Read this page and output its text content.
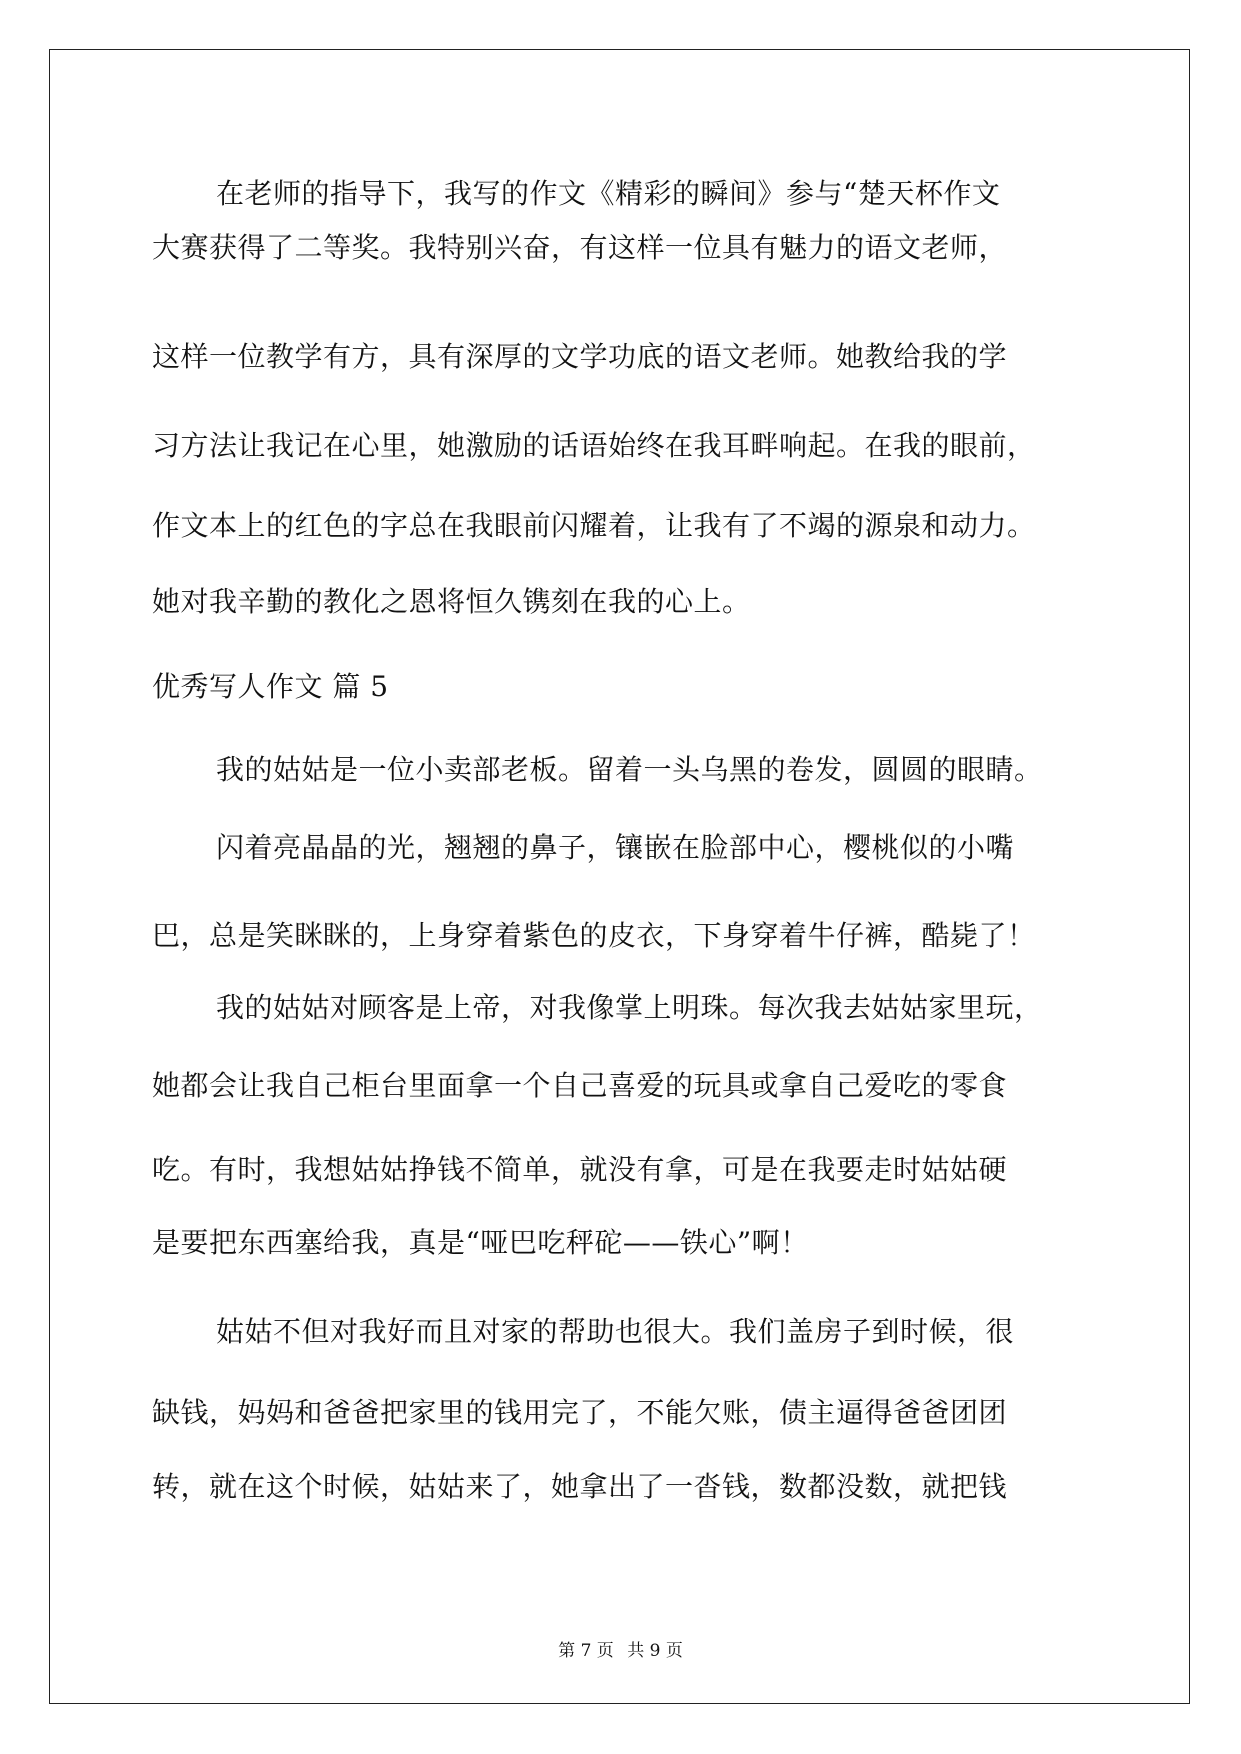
在老师的指导下，我写的作文《精彩的瞬间》参与“楚天杯作文
大赛获得了二等奖。我特别兴奋，有这样一位具有魅力的语文老师，
这样一位教学有方，具有深厚的文学功底的语文老师。她教给我的学
习方法让我记在心里，她激励的话语始终在我耳畔响起。在我的眼前，
作文本上的红色的字总在我眼前闪耀着，让我有了不竭的源泉和动力。
她对我辛勤的教化之恩将恒久镌刻在我的心上。
优秀写人作文 篇 5
我的姑姑是一位小卖部老板。留着一头乌黑的卷发，圆圆的眼睛。
闪着亮晶晶的光，翘翘的鼻子，镶嵌在脸部中心，樱桃似的小嘴
巴，总是笑眯眯的，上身穿着紫色的皮衣，下身穿着牛仔裤，酷毙了！
我的姑姑对顾客是上帝，对我像掌上明珠。每次我去姑姑家里玩，
她都会让我自己柜台里面拿一个自己喜爱的玩具或拿自己爱吃的零食
吃。有时，我想姑姑挣钱不简单，就没有拿，可是在我要走时姑姑硬
是要把东西塞给我，真是“哑巴吃秤砣——铁心”啊！
姑姑不但对我好而且对家的帮助也很大。我们盖房子到时候，很
缺钱，妈妈和爸爸把家里的钱用完了，不能欠账，债主逼得爸爸团团
转，就在这个时候，姑姑来了，她拿出了一沓钱，数都没数，就把钱
第 7 页 共 9 页
